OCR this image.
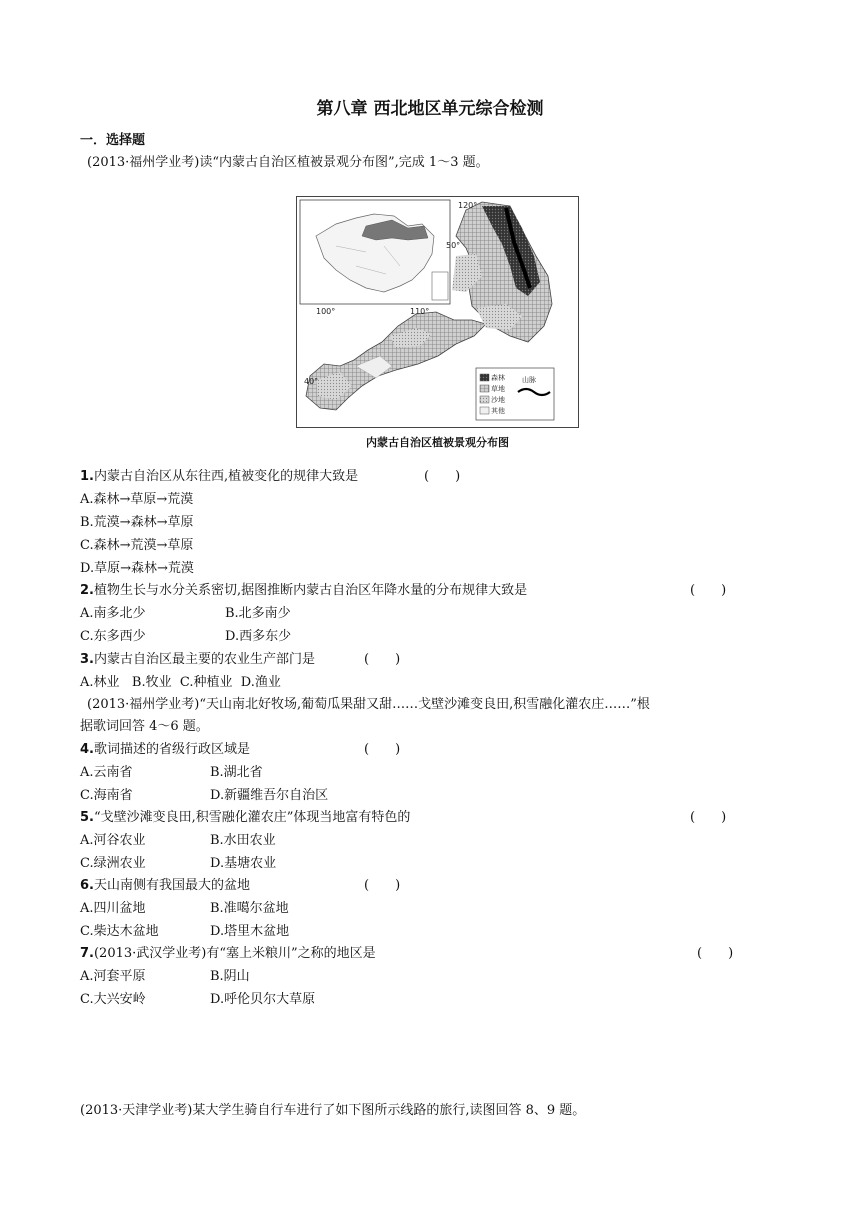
第八章 西北地区单元综合检测
一．选择题
(2013·福州学业考)读“内蒙古自治区植被景观分布图”,完成 1～3 题。
120°
50°
100°	110°
40°	森林
草地
沙地
其他
山脉
内蒙古自治区植被景观分布图
1.内蒙古自治区从东往西,植被变化的规律大致是	(　　)
A.森林→草原→荒漠
B.荒漠→森林→草原
C.森林→荒漠→草原
D.草原→森林→荒漠
2.植物生长与水分关系密切,据图推断内蒙古自治区年降水量的分布规律大致是	(　　)
A.南多北少	B.北多南少
C.东多西少	D.西多东少
3.内蒙古自治区最主要的农业生产部门是	(　　)
A.林业   B.牧业  C.种植业  D.渔业
(2013·福州学业考)“天山南北好牧场,葡萄瓜果甜又甜……戈壁沙滩变良田,积雪融化灌农庄……”根
据歌词回答 4～6 题。
4.歌词描述的省级行政区域是	(　　)
A.云南省	B.湖北省
C.海南省	D.新疆维吾尔自治区
5.“戈壁沙滩变良田,积雪融化灌农庄”体现当地富有特色的	(　　)
A.河谷农业	B.水田农业
C.绿洲农业	D.基塘农业
6.天山南侧有我国最大的盆地	(　　)
A.四川盆地	B.准噶尔盆地
C.柴达木盆地	D.塔里木盆地
7.(2013·武汉学业考)有“塞上米粮川”之称的地区是	(　　)
A.河套平原	B.阴山
C.大兴安岭	D.呼伦贝尔大草原
(2013·天津学业考)某大学生骑自行车进行了如下图所示线路的旅行,读图回答 8、9 题。
